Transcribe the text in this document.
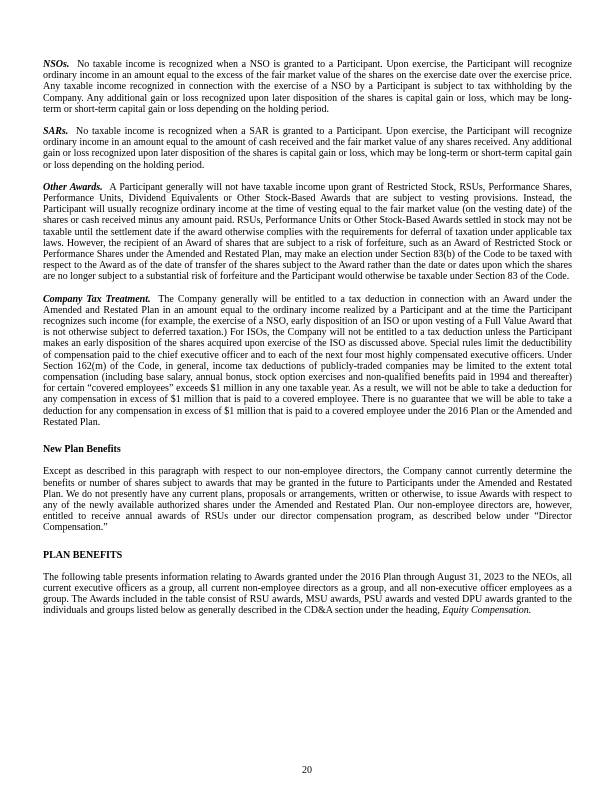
NSOs. No taxable income is recognized when a NSO is granted to a Participant. Upon exercise, the Participant will recognize ordinary income in an amount equal to the excess of the fair market value of the shares on the exercise date over the exercise price. Any taxable income recognized in connection with the exercise of a NSO by a Participant is subject to tax withholding by the Company. Any additional gain or loss recognized upon later disposition of the shares is capital gain or loss, which may be long-term or short-term capital gain or loss depending on the holding period.

SARs. No taxable income is recognized when a SAR is granted to a Participant. Upon exercise, the Participant will recognize ordinary income in an amount equal to the amount of cash received and the fair market value of any shares received. Any additional gain or loss recognized upon later disposition of the shares is capital gain or loss, which may be long-term or short-term capital gain or loss depending on the holding period.

Other Awards. A Participant generally will not have taxable income upon grant of Restricted Stock, RSUs, Performance Shares, Performance Units, Dividend Equivalents or Other Stock-Based Awards that are subject to vesting provisions. Instead, the Participant will usually recognize ordinary income at the time of vesting equal to the fair market value (on the vesting date) of the shares or cash received minus any amount paid. RSUs, Performance Units or Other Stock-Based Awards settled in stock may not be taxable until the settlement date if the award otherwise complies with the requirements for deferral of taxation under applicable tax laws. However, the recipient of an Award of shares that are subject to a risk of forfeiture, such as an Award of Restricted Stock or Performance Shares under the Amended and Restated Plan, may make an election under Section 83(b) of the Code to be taxed with respect to the Award as of the date of transfer of the shares subject to the Award rather than the date or dates upon which the shares are no longer subject to a substantial risk of forfeiture and the Participant would otherwise be taxable under Section 83 of the Code.

Company Tax Treatment. The Company generally will be entitled to a tax deduction in connection with an Award under the Amended and Restated Plan in an amount equal to the ordinary income realized by a Participant and at the time the Participant recognizes such income (for example, the exercise of a NSO, early disposition of an ISO or upon vesting of a Full Value Award that is not otherwise subject to deferred taxation.) For ISOs, the Company will not be entitled to a tax deduction unless the Participant makes an early disposition of the shares acquired upon exercise of the ISO as discussed above. Special rules limit the deductibility of compensation paid to the chief executive officer and to each of the next four most highly compensated executive officers. Under Section 162(m) of the Code, in general, income tax deductions of publicly-traded companies may be limited to the extent total compensation (including base salary, annual bonus, stock option exercises and non-qualified benefits paid in 1994 and thereafter) for certain “covered employees” exceeds $1 million in any one taxable year. As a result, we will not be able to take a deduction for any compensation in excess of $1 million that is paid to a covered employee. There is no guarantee that we will be able to take a deduction for any compensation in excess of $1 million that is paid to a covered employee under the 2016 Plan or the Amended and Restated Plan.

New Plan Benefits

Except as described in this paragraph with respect to our non-employee directors, the Company cannot currently determine the benefits or number of shares subject to awards that may be granted in the future to Participants under the Amended and Restated Plan. We do not presently have any current plans, proposals or arrangements, written or otherwise, to issue Awards with respect to any of the newly available authorized shares under the Amended and Restated Plan. Our non-employee directors are, however, entitled to receive annual awards of RSUs under our director compensation program, as described below under “Director Compensation.”

PLAN BENEFITS

The following table presents information relating to Awards granted under the 2016 Plan through August 31, 2023 to the NEOs, all current executive officers as a group, all current non-employee directors as a group, and all non-executive officer employees as a group. The Awards included in the table consist of RSU awards, MSU awards, PSU awards and vested DPU awards granted to the individuals and groups listed below as generally described in the CD&A section under the heading, Equity Compensation.

20
